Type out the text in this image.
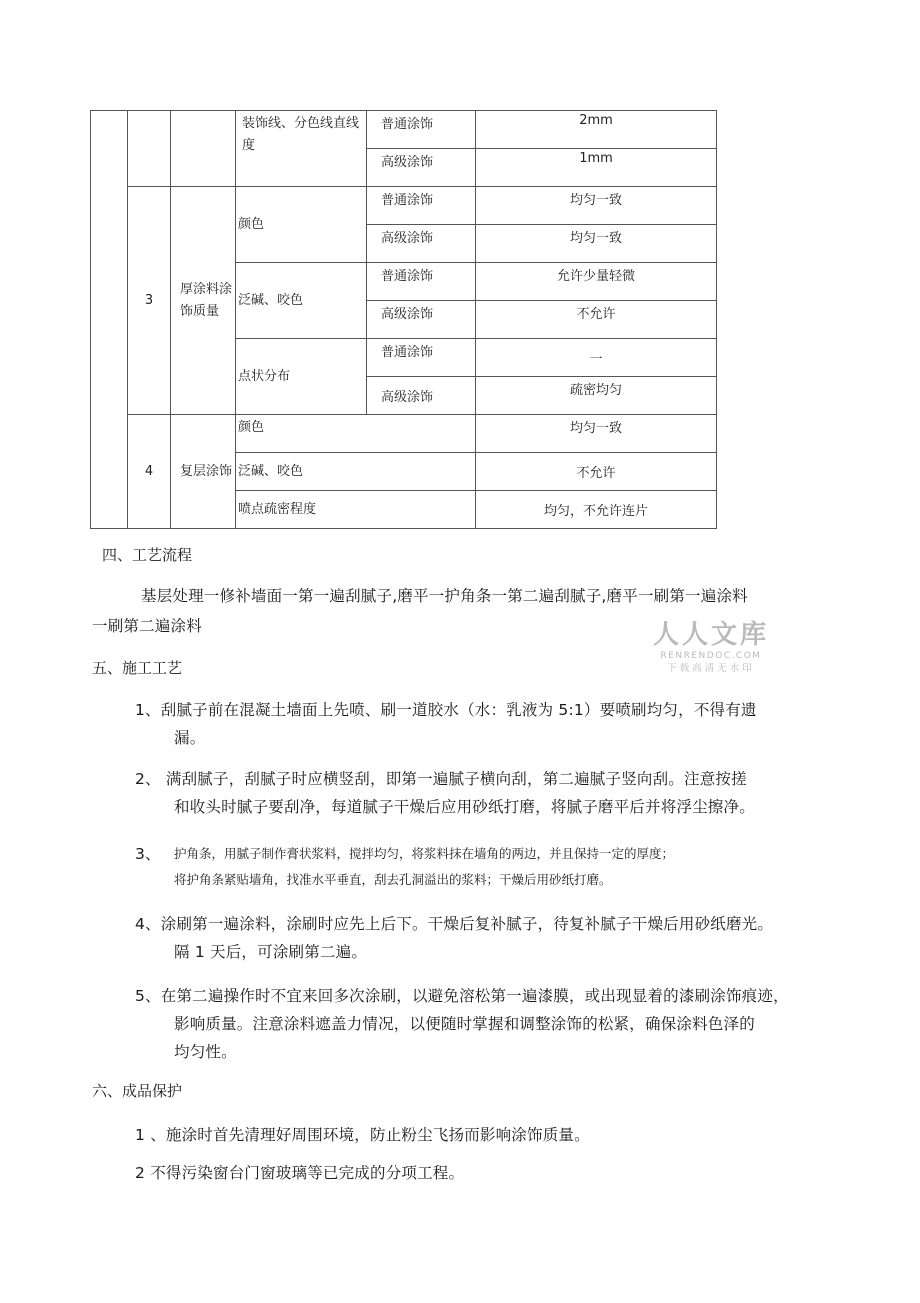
			装饰线、分色线直线度	普通涂饰	2mm
				高级涂饰	1mm
	3	厚涂料涂饰质量	颜色	普通涂饰	均匀一致
				高级涂饰	均匀一致
			泛碱、咬色	普通涂饰	允许少量轻微
				高级涂饰	不允许
			点状分布	普通涂饰	一
				高级涂饰	疏密均匀
	4	复层涂饰	颜色		均匀一致
			泛碱、咬色		不允许
			喷点疏密程度		均匀，不允许连片
四、工艺流程
基层处理一修补墙面一第一遍刮腻子,磨平一护角条一第二遍刮腻子,磨平一刷第一遍涂料
一刷第二遍涂料	人人文库
RENRENDOC.COM
下载高清无水印
五、施工工艺
1、刮腻子前在混凝土墙面上先喷、刷一道胶水（水：乳液为 5:1）要喷刷均匀，不得有遗
漏。
2、 满刮腻子，刮腻子时应横竖刮，即第一遍腻子横向刮，第二遍腻子竖向刮。注意按搓
和收头时腻子要刮净，每道腻子干燥后应用砂纸打磨，将腻子磨平后并将浮尘擦净。
3、 护角条，用腻子制作膏状浆料，搅拌均匀，将浆料抹在墙角的两边，并且保持一定的厚度；
将护角条紧贴墙角，找准水平垂直，刮去孔洞溢出的浆料；干燥后用砂纸打磨。
4、涂刷第一遍涂料，涂刷时应先上后下。干燥后复补腻子，待复补腻子干燥后用砂纸磨光。
隔 1 天后，可涂刷第二遍。
5、在第二遍操作时不宜来回多次涂刷，以避免溶松第一遍漆膜，或出现显着的漆刷涂饰痕迹，
影响质量。注意涂料遮盖力情况，以便随时掌握和调整涂饰的松紧，确保涂料色泽的
均匀性。
六、成品保护
1 、施涂时首先清理好周围环境，防止粉尘飞扬而影响涂饰质量。
2 不得污染窗台门窗玻璃等已完成的分项工程。
